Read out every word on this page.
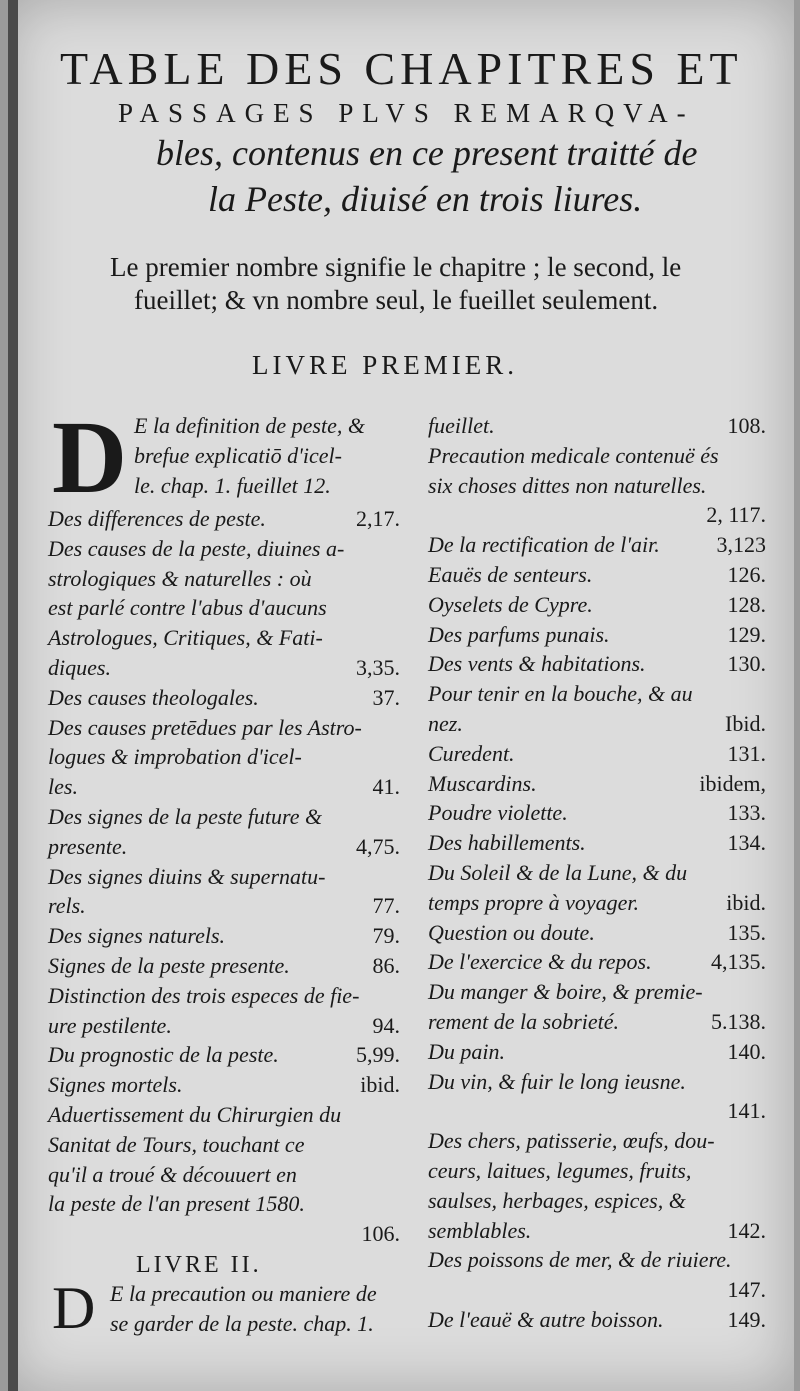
TABLE DES CHAPITRES ET
PASSAGES PLVS REMARQVA-
bles, contenus en ce present traitté de
la Peste, diuisé en trois liures.
Le premier nombre signifie le chapitre ; le second, le
fueillet; & vn nombre seul, le fueillet seulement.
LIVRE PREMIER.
LIVRE II.
D
D
E la definition de peste, &
brefue explicatiō d'icel-
le. chap. 1. fueillet 12.
Des differences de peste.	2,17.
Des causes de la peste, diuines a-
strologiques & naturelles : où
est parlé contre l'abus d'aucuns
Astrologues, Critiques, & Fati-
diques.	3,35.
Des causes theologales.	37.
Des causes pretēdues par les Astro-
logues & improbation d'icel-
les.	41.
Des signes de la peste future &
presente.	4,75.
Des signes diuins & supernatu-
rels.	77.
Des signes naturels.	79.
Signes de la peste presente.	86.
Distinction des trois especes de fie-
ure pestilente.	94.
Du prognostic de la peste.	5,99.
Signes mortels.	ibid.
Aduertissement du Chirurgien du
Sanitat de Tours, touchant ce
qu'il a troué & découuert en
la peste de l'an present 1580.
106.
E la precaution ou maniere de
se garder de la peste. chap. 1.
fueillet.	108.
Precaution medicale contenuë és
six choses dittes non naturelles.
2, 117.
De la rectification de l'air.	3,123
Eauës de senteurs.	126.
Oyselets de Cypre.	128.
Des parfums punais.	129.
Des vents & habitations.	130.
Pour tenir en la bouche, & au
nez.	Ibid.
Curedent.	131.
Muscardins.	ibidem,
Poudre violette.	133.
Des habillements.	134.
Du Soleil & de la Lune, & du
temps propre à voyager.	ibid.
Question ou doute.	135.
De l'exercice & du repos.	4,135.
Du manger & boire, & premie-
rement de la sobrieté.	5.138.
Du pain.	140.
Du vin, & fuir le long ieusne.
141.
Des chers, patisserie, œufs, dou-
ceurs, laitues, legumes, fruits,
saulses, herbages, espices, &
semblables.	142.
Des poissons de mer, & de riuiere.
147.
De l'eauë & autre boisson.	149.
